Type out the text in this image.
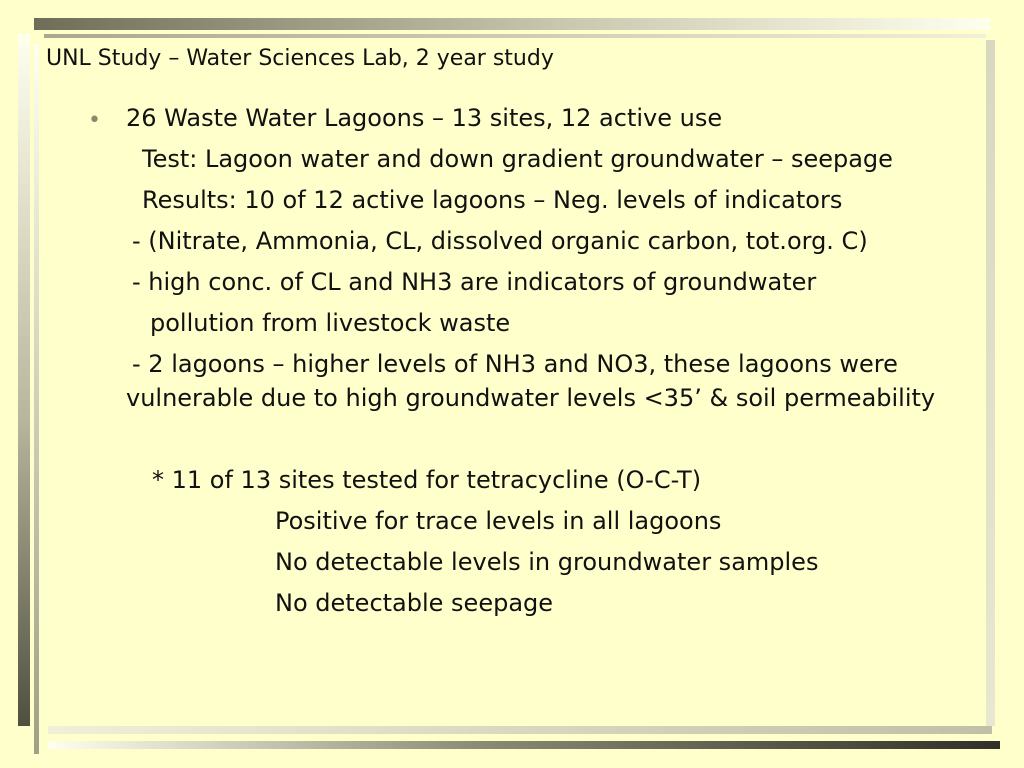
UNL Study – Water Sciences Lab, 2 year study
• 26 Waste Water Lagoons – 13 sites, 12 active use
Test: Lagoon water and down gradient groundwater – seepage
Results: 10 of 12 active lagoons – Neg. levels of indicators
- (Nitrate, Ammonia, CL, dissolved organic carbon, tot.org. C)
- high conc. of CL and NH3 are indicators of groundwater
pollution from livestock waste
- 2 lagoons – higher levels of NH3 and NO3, these lagoons were
vulnerable due to high groundwater levels <35’ & soil permeability
* 11 of 13 sites tested for tetracycline (O-C-T)
Positive for trace levels in all lagoons
No detectable levels in groundwater samples
No detectable seepage
